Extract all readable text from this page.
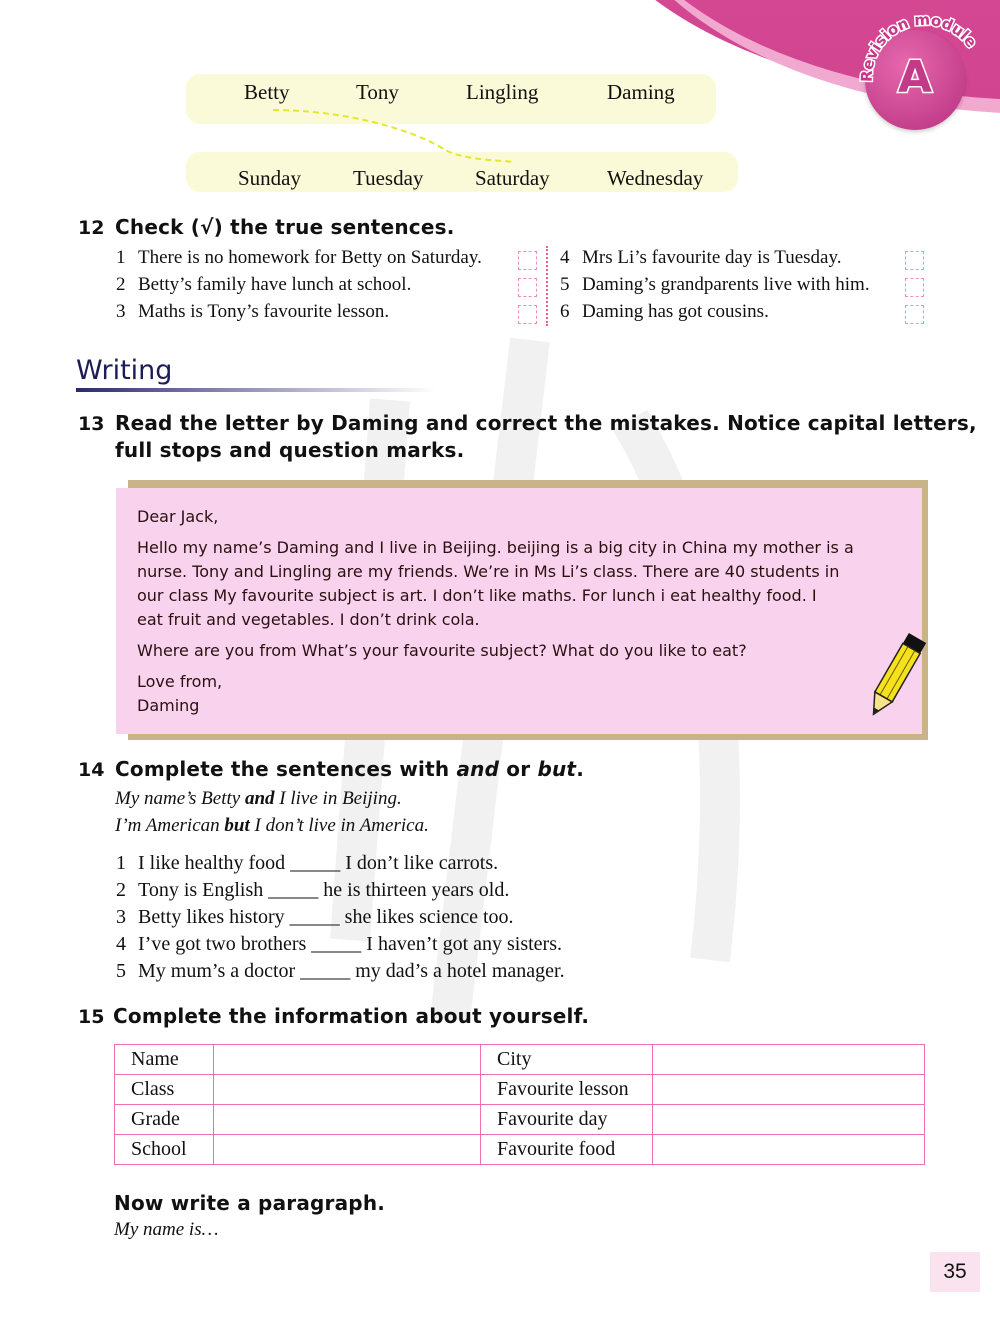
A
Revision module
Betty	Tony	Lingling	Daming
Sunday Tuesday Saturday	Wednesday
12 Check (√) the true sentences.
1 There is no homework for Betty on Saturday.
2 Betty’s family have lunch at school.
3 Maths is Tony’s favourite lesson.
4 Mrs Li’s favourite day is Tuesday.
5 Daming’s grandparents live with him.
6 Daming has got cousins.
Writing
13 Read the letter by Daming and correct the mistakes. Notice capital letters,
full stops and question marks.
Dear Jack,
Hello my name’s Daming and I live in Beijing. beijing is a big city in China my mother is a
nurse. Tony and Lingling are my friends. We’re in Ms Li’s class. There are 40 students in
our class My favourite subject is art. I don’t like maths. For lunch i eat healthy food. I
eat fruit and vegetables. I don’t drink cola.
Where are you from What’s your favourite subject? What do you like to eat?
Love from,
Daming
14 Complete the sentences with and or but.
My name’s Betty and I live in Beijing.
I’m American but I don’t live in America.
1 I like healthy food _____ I don’t like carrots.
2 Tony is English _____ he is thirteen years old.
3 Betty likes history _____ she likes science too.
4 I’ve got two brothers _____ I haven’t got any sisters.
5 My mum’s a doctor _____ my dad’s a hotel manager.
15 Complete the information about yourself.
Name		City	
Class		Favourite lesson	
Grade		Favourite day	
School		Favourite food	
Now write a paragraph.
My name is…
35
